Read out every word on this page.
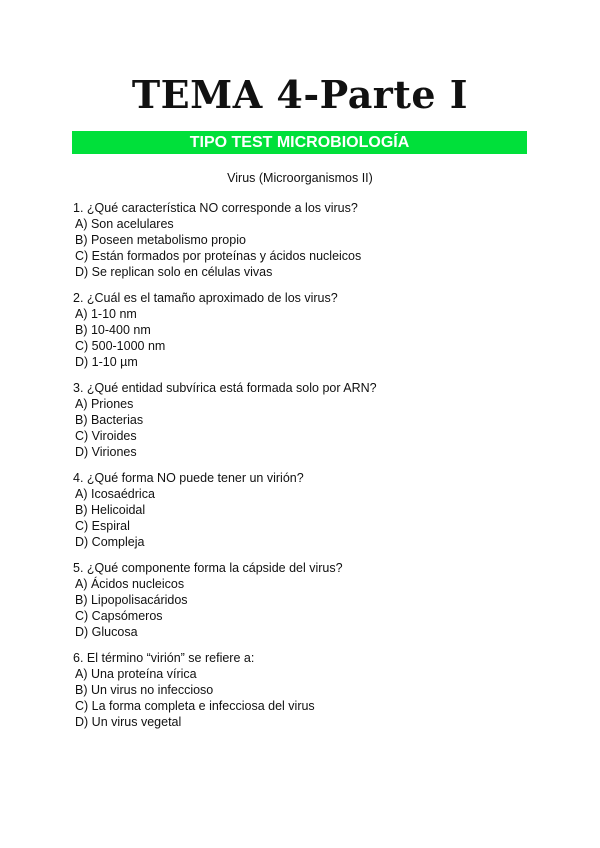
TEMA 4-Parte I
TIPO TEST MICROBIOLOGÍA
Virus (Microorganismos II)
1. ¿Qué característica NO corresponde a los virus?
A) Son acelulares
B) Poseen metabolismo propio
C) Están formados por proteínas y ácidos nucleicos
D) Se replican solo en células vivas
2. ¿Cuál es el tamaño aproximado de los virus?
A) 1-10 nm
B) 10-400 nm
C) 500-1000 nm
D) 1-10 µm
3. ¿Qué entidad subvírica está formada solo por ARN?
A) Priones
B) Bacterias
C) Viroides
D) Viriones
4. ¿Qué forma NO puede tener un virión?
A) Icosaédrica
B) Helicoidal
C) Espiral
D) Compleja
5. ¿Qué componente forma la cápside del virus?
A) Ácidos nucleicos
B) Lipopolisacáridos
C) Capsómeros
D) Glucosa
6. El término “virión” se refiere a:
A) Una proteína vírica
B) Un virus no infeccioso
C) La forma completa e infecciosa del virus
D) Un virus vegetal
